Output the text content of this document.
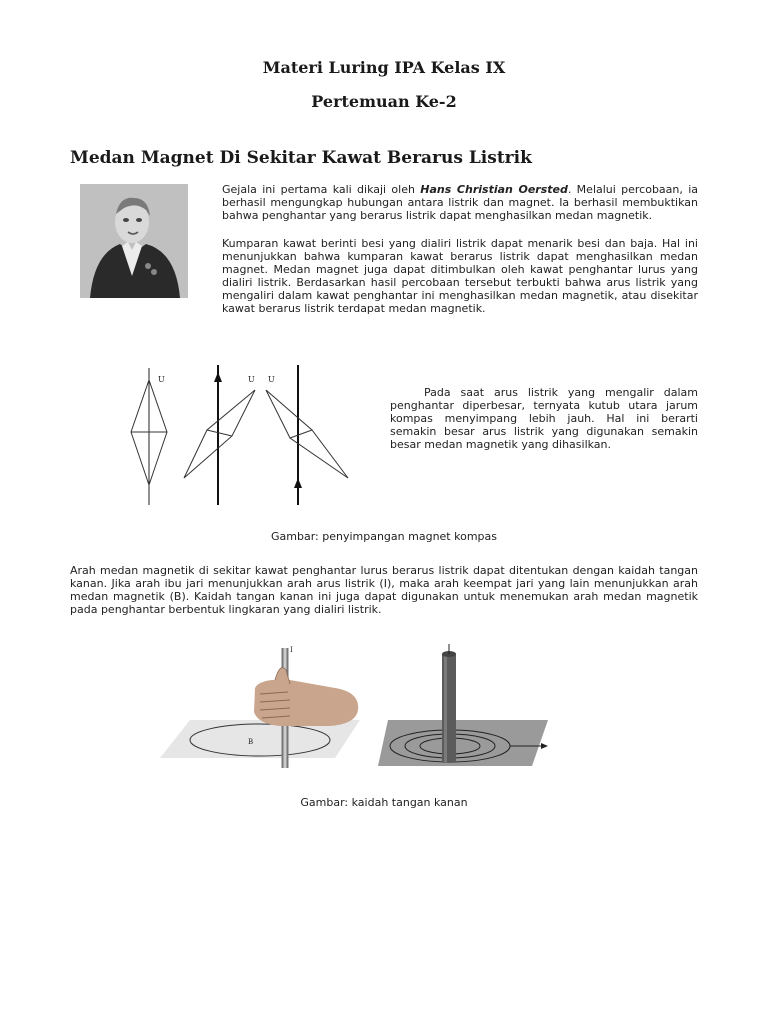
Materi Luring IPA Kelas IX
Pertemuan Ke-2
Medan Magnet Di Sekitar Kawat Berarus Listrik
Gejala ini pertama kali dikaji oleh Hans Christian Oersted. Melalui percobaan, ia berhasil mengungkap hubungan antara listrik dan magnet. Ia berhasil membuktikan bahwa penghantar yang berarus listrik dapat menghasilkan medan magnetik.
Kumparan kawat berinti besi yang dialiri listrik dapat menarik besi dan baja. Hal ini menunjukkan bahwa kumparan kawat berarus listrik dapat menghasilkan medan magnet. Medan magnet juga dapat ditimbulkan oleh kawat penghantar lurus yang dialiri listrik. Berdasarkan hasil percobaan tersebut terbukti bahwa arus listrik yang mengaliri dalam kawat penghantar ini menghasilkan medan magnetik, atau disekitar kawat berarus listrik terdapat medan magnetik.
U	U U
Pada saat arus listrik yang mengalir dalam penghantar diperbesar, ternyata kutub utara jarum kompas menyimpang lebih jauh. Hal ini berarti semakin besar arus listrik yang digunakan semakin besar medan magnetik yang dihasilkan.
Gambar: penyimpangan magnet kompas
Arah medan magnetik di sekitar kawat penghantar lurus berarus listrik dapat ditentukan dengan kaidah tangan kanan. Jika arah ibu jari menunjukkan arah arus listrik (I), maka arah keempat jari yang lain menunjukkan arah medan magnetik (B). Kaidah tangan kanan ini juga dapat digunakan untuk menemukan arah medan magnetik pada penghantar berbentuk lingkaran yang dialiri listrik.
I
B
Gambar: kaidah tangan kanan
